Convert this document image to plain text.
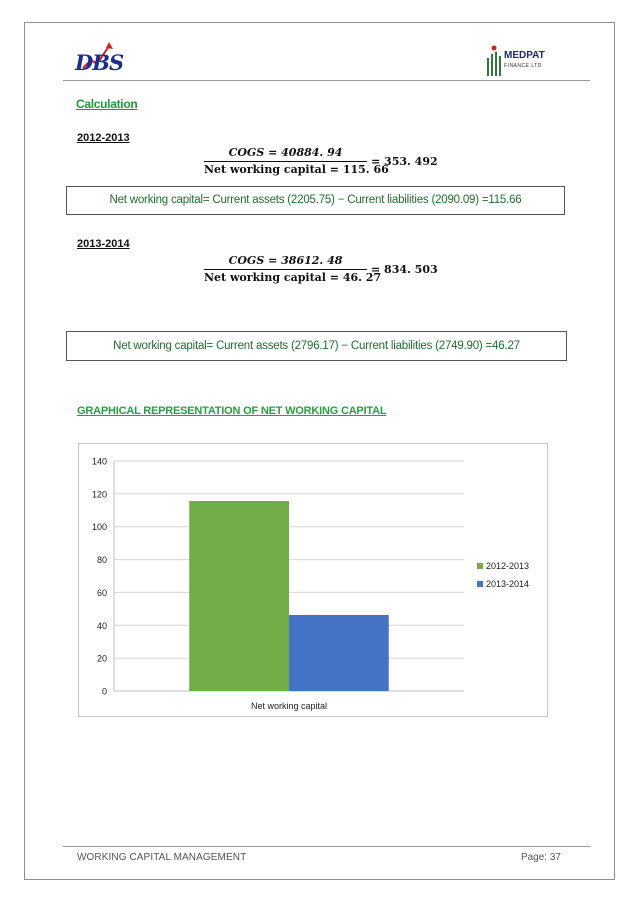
DBS	MEDPAT
FINANCE LTD
Calculation
2012-2013
COGS = 40884. 94
Net working capital = 115. 66
= 353. 492
Net working capital= Current assets (2205.75) − Current liabilities (2090.09) =115.66
2013-2014
COGS = 38612. 48
Net working capital = 46. 27
= 834. 503
Net working capital= Current assets (2796.17) − Current liabilities (2749.90) =46.27
GRAPHICAL REPRESENTATION OF NET WORKING CAPITAL
0
20
40
60
80
100
120
140
Net working capital
2012-2013
2013-2014
WORKING CAPITAL MANAGEMENT	Page: 37
